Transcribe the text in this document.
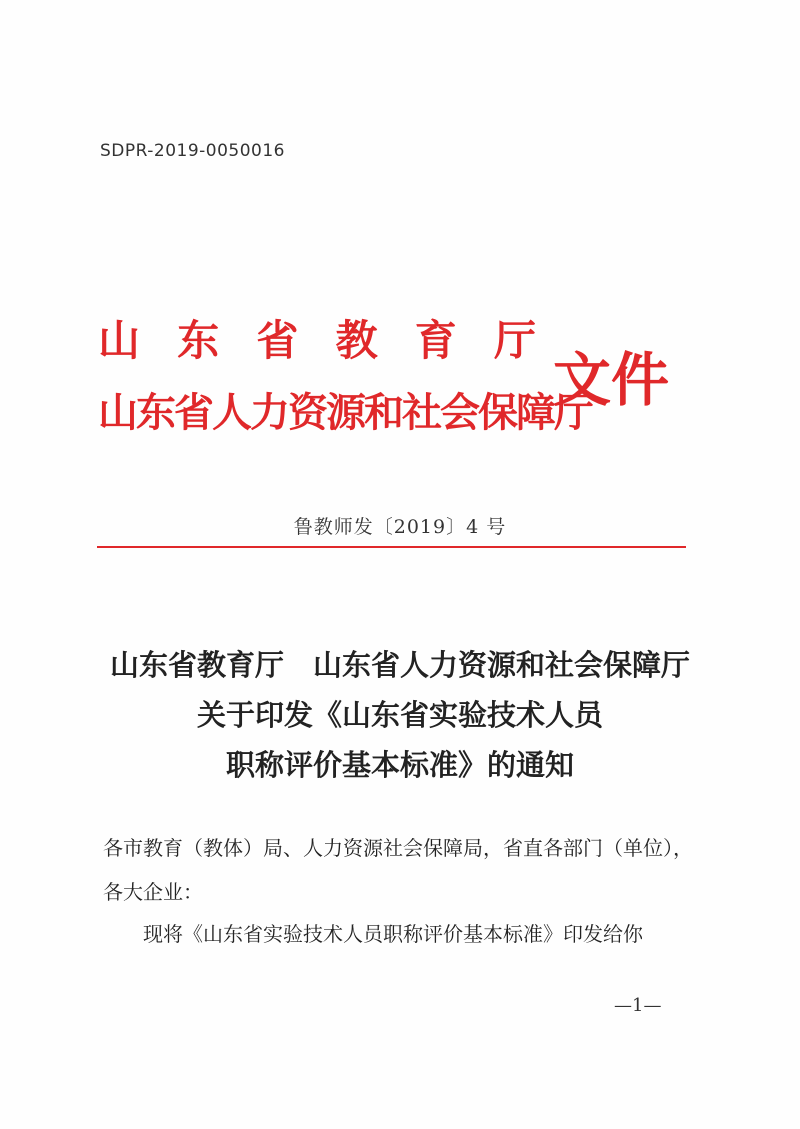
SDPR-2019-0050016
山 东 省 教 育 厅
山东省人力资源和社会保障厅
文件
鲁教师发〔2019〕4 号
山东省教育厅　山东省人力资源和社会保障厅
关于印发《山东省实验技术人员
职称评价基本标准》的通知
各市教育（教体）局、人力资源社会保障局，省直各部门（单位），
各大企业：
现将《山东省实验技术人员职称评价基本标准》印发给你
—1—
